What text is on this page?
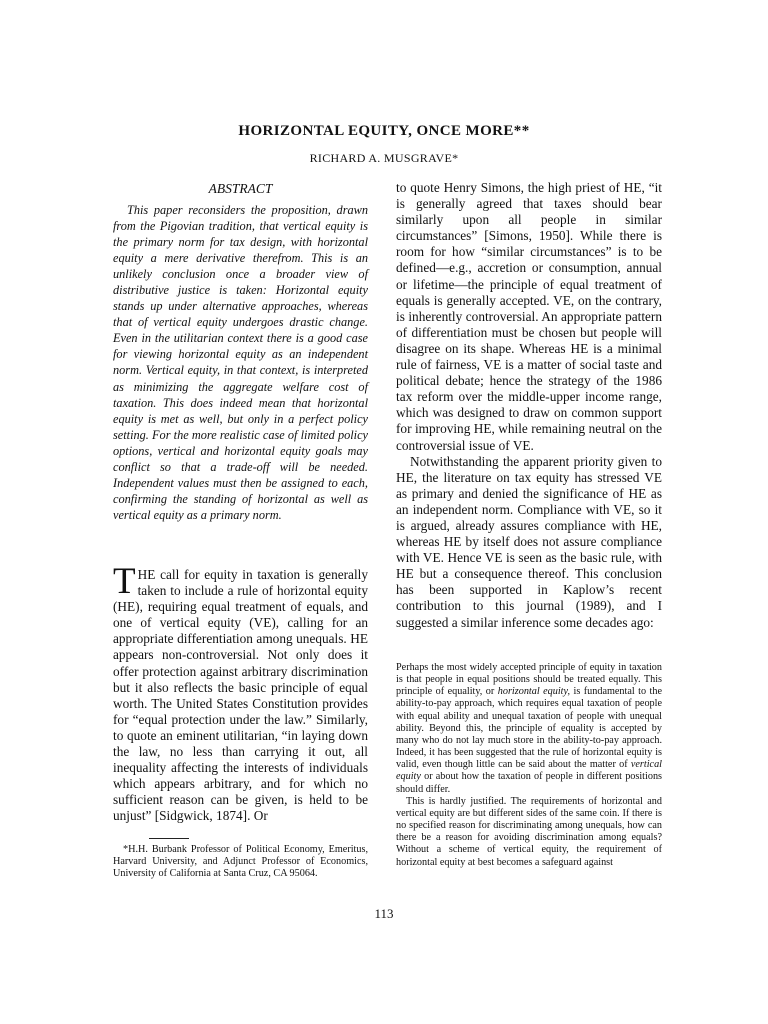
HORIZONTAL EQUITY, ONCE MORE**
RICHARD A. MUSGRAVE*
ABSTRACT

This paper reconsiders the proposition, drawn from the Pigovian tradition, that vertical equity is the primary norm for tax design, with horizontal equity a mere derivative therefrom. This is an unlikely conclusion once a broader view of distributive justice is taken: Horizontal equity stands up under alternative approaches, whereas that of vertical equity undergoes drastic change. Even in the utilitarian context there is a good case for viewing horizontal equity as an independent norm. Vertical equity, in that context, is interpreted as minimizing the aggregate welfare cost of taxation. This does indeed mean that horizontal equity is met as well, but only in a perfect policy setting. For the more realistic case of limited policy options, vertical and horizontal equity goals may conflict so that a trade-off will be needed. Independent values must then be assigned to each, confirming the standing of horizontal as well as vertical equity as a primary norm.

THE call for equity in taxation is generally taken to include a rule of horizontal equity (HE), requiring equal treatment of equals, and one of vertical equity (VE), calling for an appropriate differentiation among unequals. HE appears non-controversial. Not only does it offer protection against arbitrary discrimination but it also reflects the basic principle of equal worth. The United States Constitution provides for “equal protection under the law.” Similarly, to quote an eminent utilitarian, “in laying down the law, no less than carrying it out, all inequality affecting the interests of individuals which appears arbitrary, and for which no sufficient reason can be given, is held to be unjust” [Sidgwick, 1874]. Or

*H.H. Burbank Professor of Political Economy, Emeritus, Harvard University, and Adjunct Professor of Economics, University of California at Santa Cruz, CA 95064.

to quote Henry Simons, the high priest of HE, “it is generally agreed that taxes should bear similarly upon all people in similar circumstances” [Simons, 1950]. While there is room for how “similar circumstances” is to be defined—e.g., accretion or consumption, annual or lifetime—the principle of equal treatment of equals is generally accepted. VE, on the contrary, is inherently controversial. An appropriate pattern of differentiation must be chosen but people will disagree on its shape. Whereas HE is a minimal rule of fairness, VE is a matter of social taste and political debate; hence the strategy of the 1986 tax reform over the middle-upper income range, which was designed to draw on common support for improving HE, while remaining neutral on the controversial issue of VE.

Notwithstanding the apparent priority given to HE, the literature on tax equity has stressed VE as primary and denied the significance of HE as an independent norm. Compliance with VE, so it is argued, already assures compliance with HE, whereas HE by itself does not assure compliance with VE. Hence VE is seen as the basic rule, with HE but a consequence thereof. This conclusion has been supported in Kaplow’s recent contribution to this journal (1989), and I suggested a similar inference some decades ago:

Perhaps the most widely accepted principle of equity in taxation is that people in equal positions should be treated equally. This principle of equality, or horizontal equity, is fundamental to the ability-to-pay approach, which requires equal taxation of people with equal ability and unequal taxation of people with unequal ability. Beyond this, the principle of equality is accepted by many who do not lay much store in the ability-to-pay approach. Indeed, it has been suggested that the rule of horizontal equity is valid, even though little can be said about the matter of vertical equity or about how the taxation of people in different positions should differ.

This is hardly justified. The requirements of horizontal and vertical equity are but different sides of the same coin. If there is no specified reason for discriminating among unequals, how can there be a reason for avoiding discrimination among equals? Without a scheme of vertical equity, the requirement of horizontal equity at best becomes a safeguard against

113
